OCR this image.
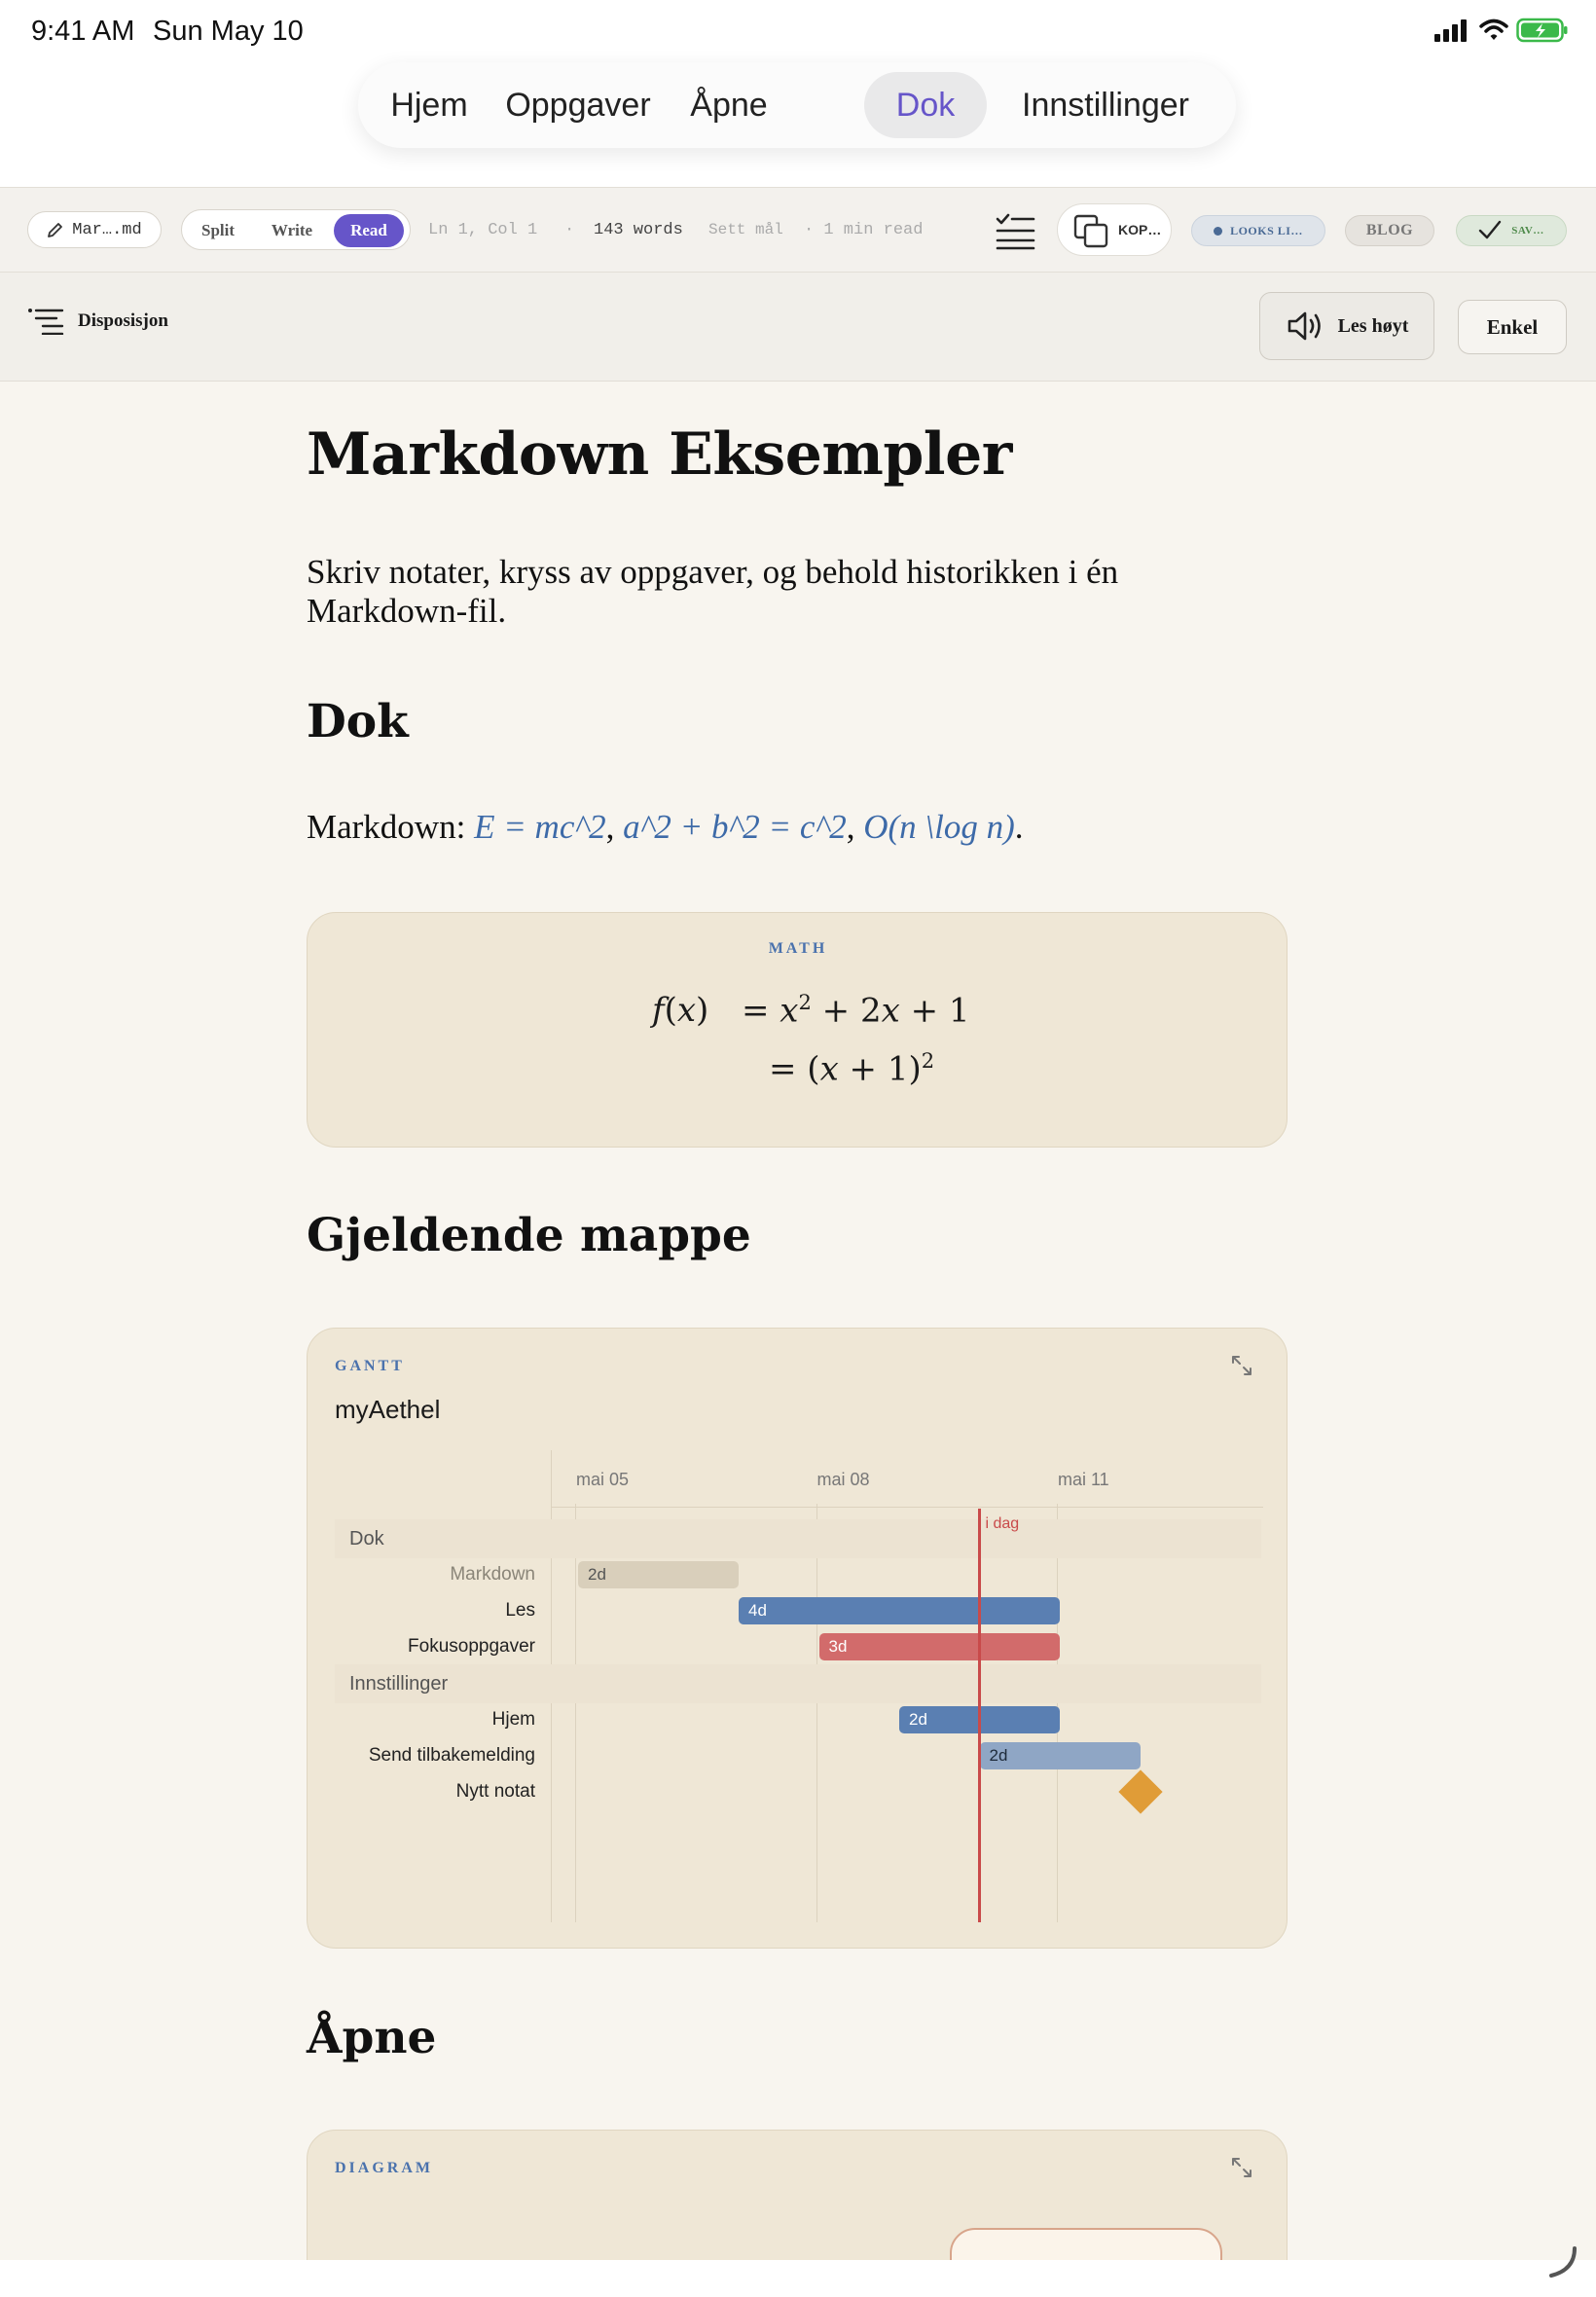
9:41 AM Sun May 10
Hjem	Oppgaver	Åpne	Dok	Innstillinger
Mar….md	Split	Write	Read	Ln 1, Col 1 · 143 words Sett mål · 1 min read	KOP…	LOOKS LI…	BLOG	SAV…
Disposisjon	Les høyt	Enkel
Markdown Eksempler

Skriv notater, kryss av oppgaver, og behold historikken i én Markdown-fil.

Dok

Markdown: E = mc^2, a^2 + b^2 = c^2, O(n \log n).

MATH
$f(x) = x^2 + 2x + 1$
= $(x + 1)^2$
Gjeldende mappe
GANTT
myAethel
mai 05	mai 08	mai 11
Dok
Markdown	2d
Les	4d
Fokusoppgaver	3d
Innstillinger
Hjem	2d
Send tilbakemelding	2d
Nytt notat
i dag
Åpne
DIAGRAM
